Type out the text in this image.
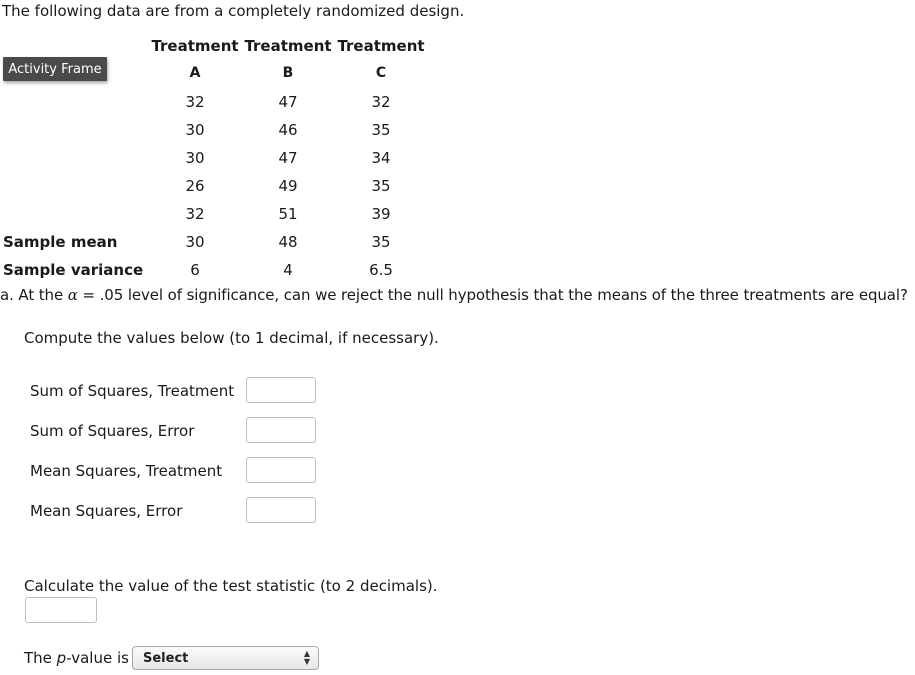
The following data are from a completely randomized design.
Activity Frame
Treatment Treatment Treatment
A	B	C
32	47	32
30	46	35
30	47	34
26	49	35
32	51	39
Sample mean	30	48	35
Sample variance	6	4	6.5
a. At the α = .05 level of significance, can we reject the null hypothesis that the means of the three treatments are equal?
Compute the values below (to 1 decimal, if necessary).
Sum of Squares, Treatment
Sum of Squares, Error
Mean Squares, Treatment
Mean Squares, Error
Calculate the value of the test statistic (to 2 decimals).
The p-value is Select	▲
▼
